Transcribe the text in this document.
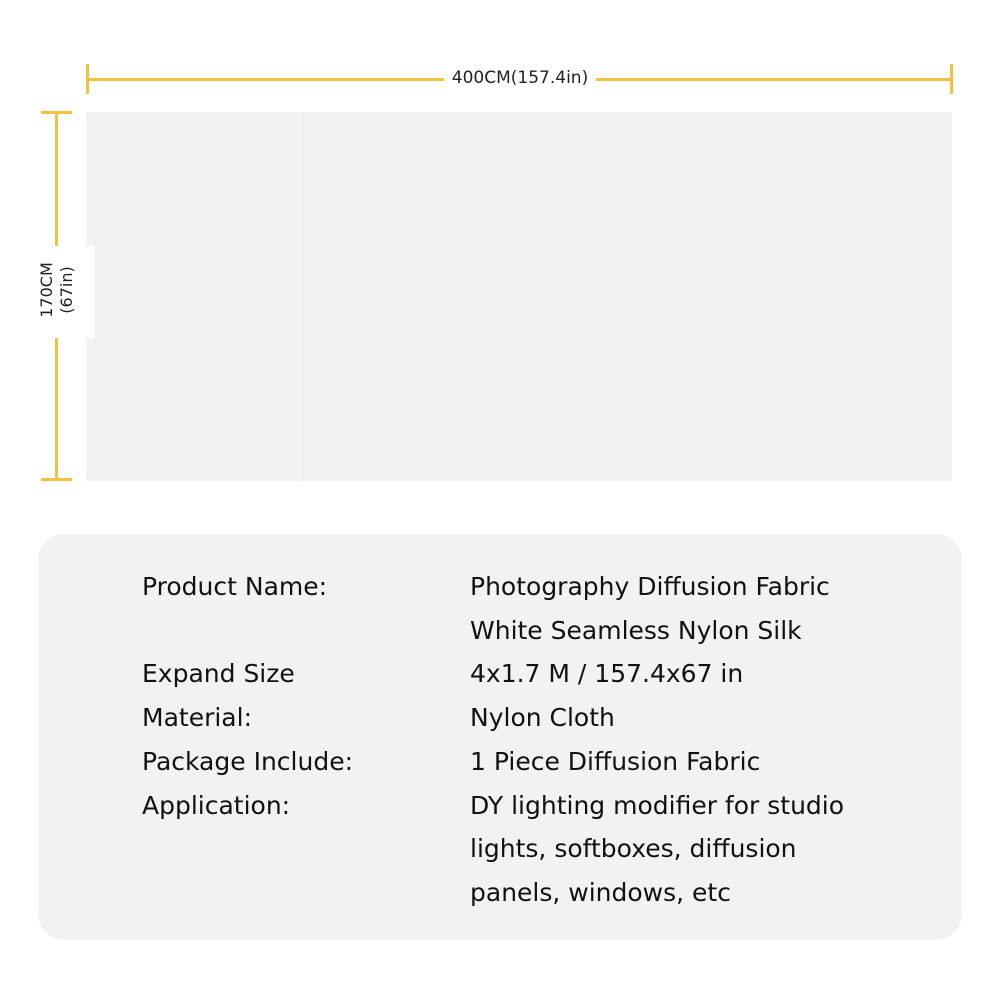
400CM(157.4in)
170CM (67in)
Product Name:	Photography Diffusion Fabric
White Seamless Nylon Silk
Expand Size	4x1.7 M / 157.4x67 in
Material:	Nylon Cloth
Package Include:	1 Piece Diffusion Fabric
Application:	DY lighting modifier for studio
lights, softboxes, diffusion
panels, windows, etc
